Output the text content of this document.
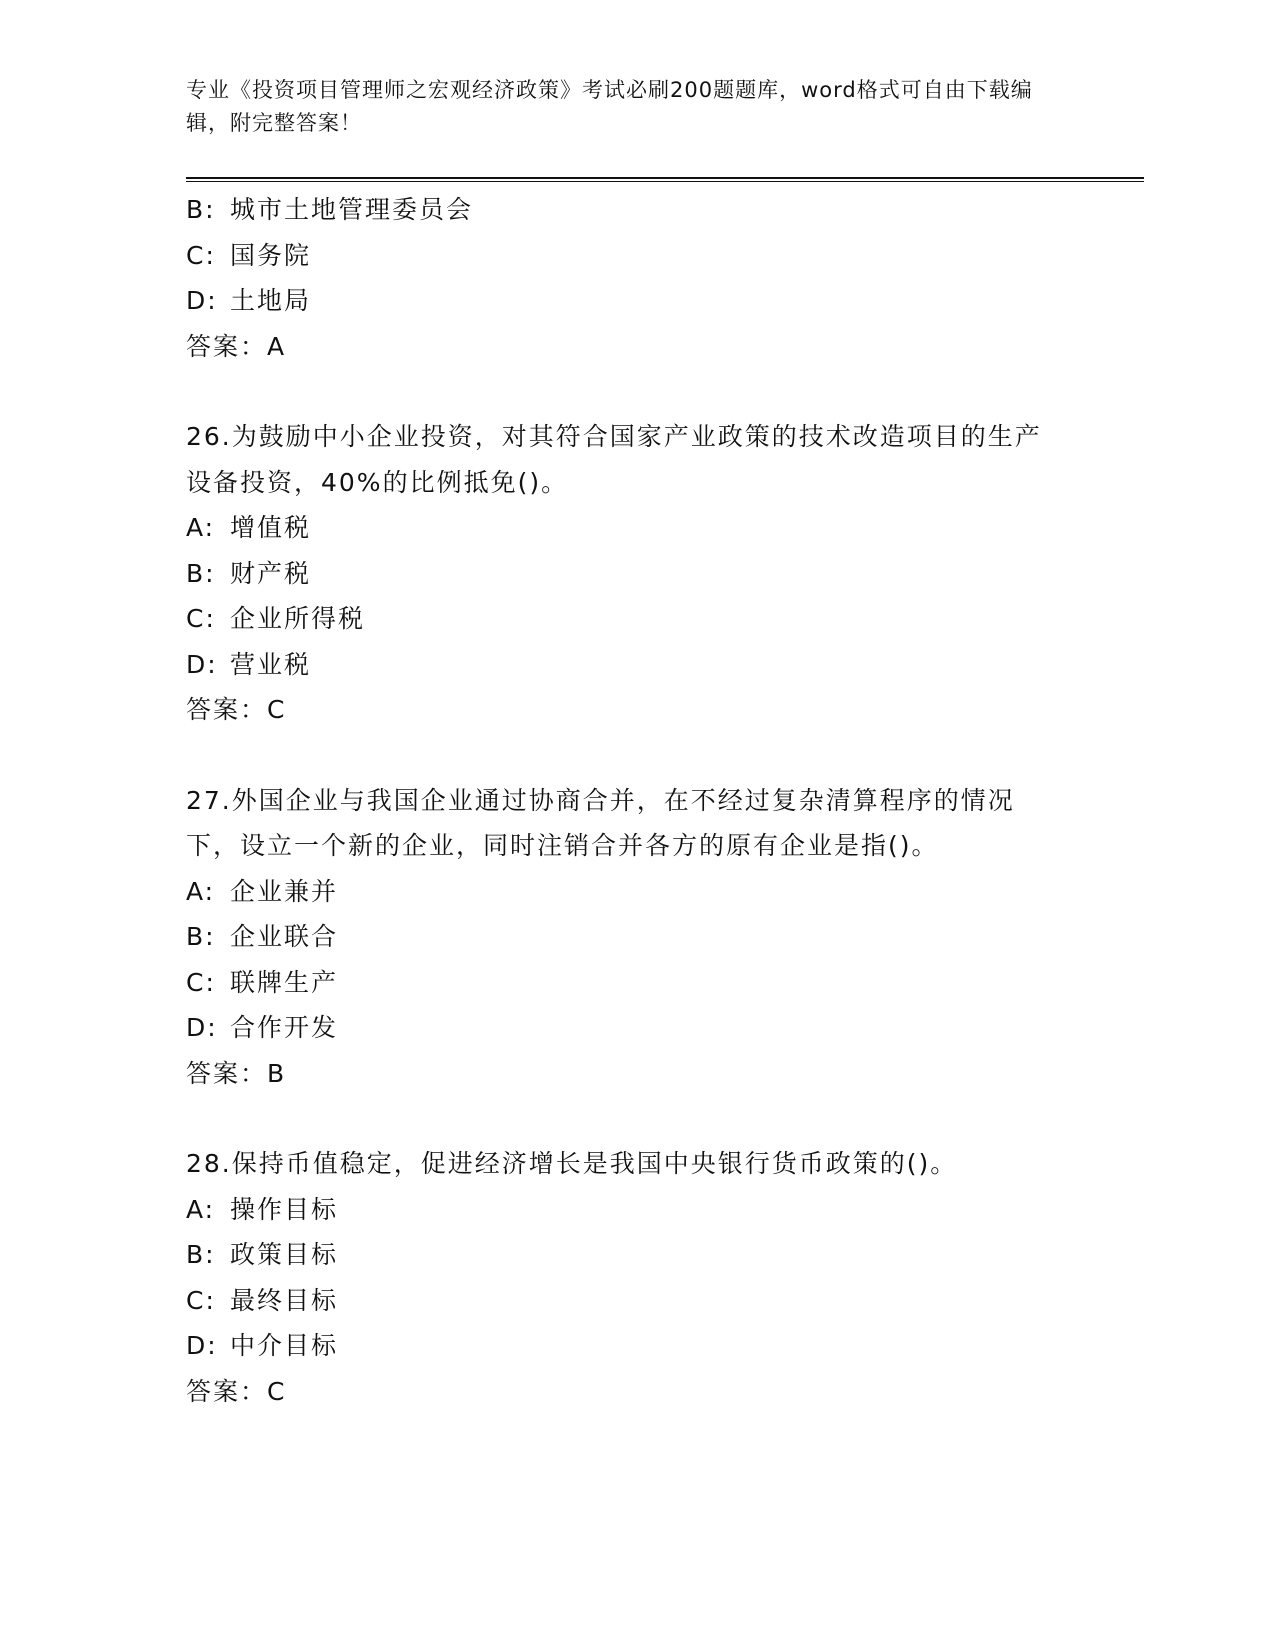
专业《投资项目管理师之宏观经济政策》考试必刷200题题库，word格式可自由下载编辑，附完整答案！

B: 城市土地管理委员会
C: 国务院
D: 土地局
答案：A
26.为鼓励中小企业投资，对其符合国家产业政策的技术改造项目的生产设备投资，40%的比例抵免()。
A: 增值税
B: 财产税
C: 企业所得税
D: 营业税
答案：C
27.外国企业与我国企业通过协商合并，在不经过复杂清算程序的情况下，设立一个新的企业，同时注销合并各方的原有企业是指()。
A: 企业兼并
B: 企业联合
C: 联牌生产
D: 合作开发
答案：B
28.保持币值稳定，促进经济增长是我国中央银行货币政策的()。
A: 操作目标
B: 政策目标
C: 最终目标
D: 中介目标
答案：C
